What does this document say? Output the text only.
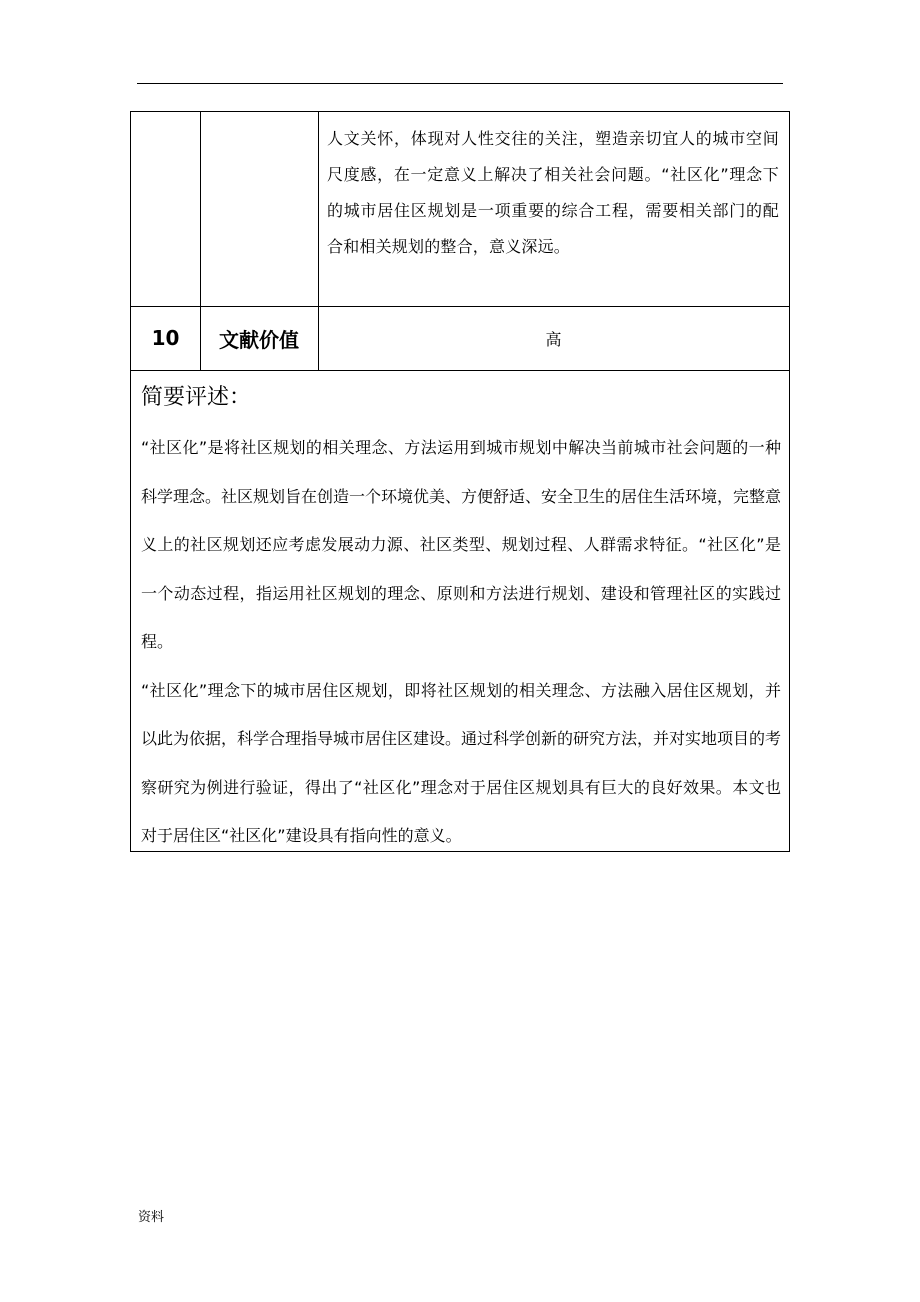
人文关怀，体现对人性交往的关注，塑造亲切宜人的城市空间尺度感，在一定意义上解决了相关社会问题。“社区化”理念下的城市居住区规划是一项重要的综合工程，需要相关部门的配合和相关规划的整合，意义深远。
10	文献价值	高
简要评述：

“社区化”是将社区规划的相关理念、方法运用到城市规划中解决当前城市社会问题的一种科学理念。社区规划旨在创造一个环境优美、方便舒适、安全卫生的居住生活环境，完整意义上的社区规划还应考虑发展动力源、社区类型、规划过程、人群需求特征。“社区化”是一个动态过程，指运用社区规划的理念、原则和方法进行规划、建设和管理社区的实践过程。

“社区化”理念下的城市居住区规划，即将社区规划的相关理念、方法融入居住区规划，并以此为依据，科学合理指导城市居住区建设。通过科学创新的研究方法，并对实地项目的考察研究为例进行验证，得出了“社区化”理念对于居住区规划具有巨大的良好效果。本文也对于居住区“社区化”建设具有指向性的意义。

资料
